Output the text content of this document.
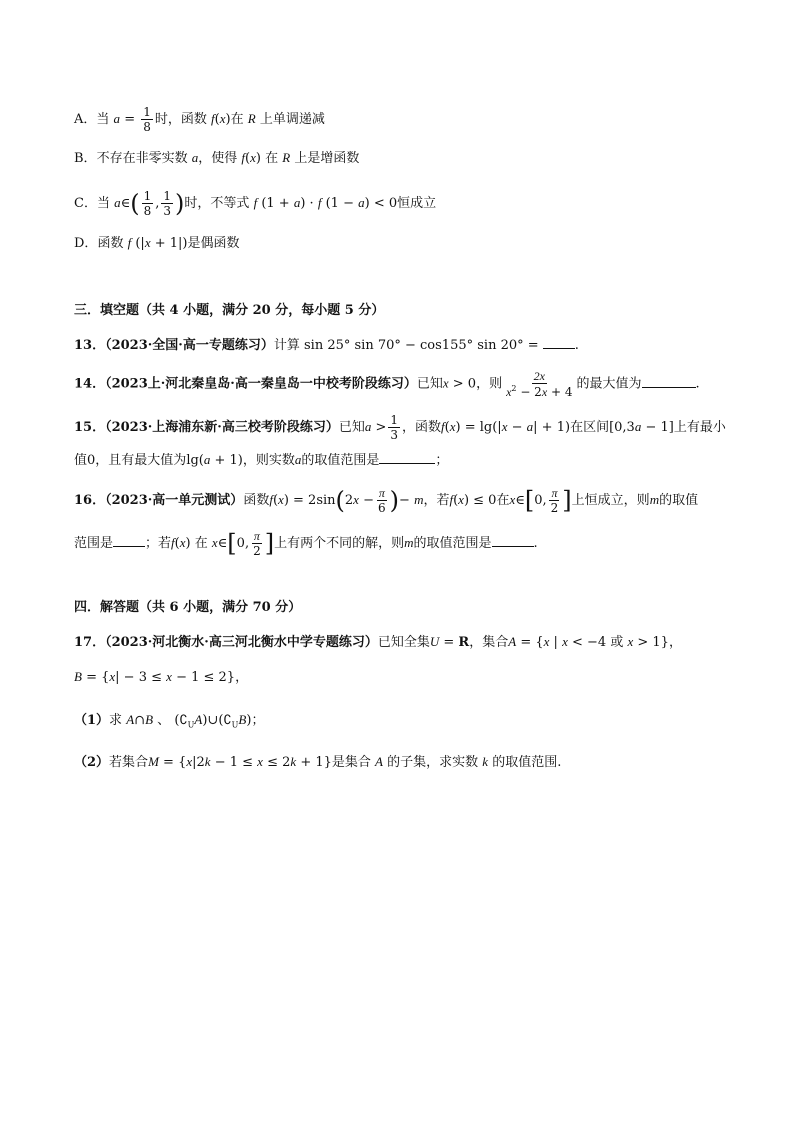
A．当 $a = \frac{1}{8}$ 时，函数 f(x)在 R 上单调递减
B．不存在非零实数 a，使得 f(x) 在 R 上是增函数
C．当 a∈( $\frac{1}{8}$ , $\frac{1}{3}$ )时，不等式 f (1 + a) · f (1 − a) < 0恒成立
D．函数 f (|x + 1|)是偶函数
三．填空题（共 4 小题，满分 20 分，每小题 5 分）
13．（2023·全国·高一专题练习）计算 sin 25° sin 70° − cos155° sin 20° =	.
14．（2023上·河北秦皇岛·高一秦皇岛一中校考阶段练习）已知x > 0，则 $\frac{2x}{x^2 - 2x + 4}$ 的最大值为	.
15．（2023·上海浦东新·高三校考阶段练习）已知$a > \frac{1}{3}$ ，函数f(x) = lg(|x − a| + 1)在区间[0,3a − 1]上有最小
值0，且有最大值为lg(a + 1)，则实数a的取值范围是	；
16．（2023·高一单元测试）函数$f(x) = 2\sin(2x - \frac{\pi}{6}$ )− m，若f(x) ≤ 0在x∈[0, $\frac{\pi}{2}$ ]上恒成立，则m的取值
范围是 ；若f(x) 在 x∈[0, $\frac{\pi}{2}$ ]上有两个不同的解，则m的取值范围是	.
四．解答题（共 6 小题，满分 70 分）
17．（2023·河北衡水·高三河北衡水中学专题练习）已知全集U = R，集合A = {x | x < −4 或 x > 1}，
B = {x| − 3 ≤ x − 1 ≤ 2}，
（1）求 A∩B 、 $(∁_UA)\cup(∁_UB)$；
（2）若集合M = {x|2k − 1 ≤ x ≤ 2k + 1}是集合 A 的子集，求实数 k 的取值范围.
